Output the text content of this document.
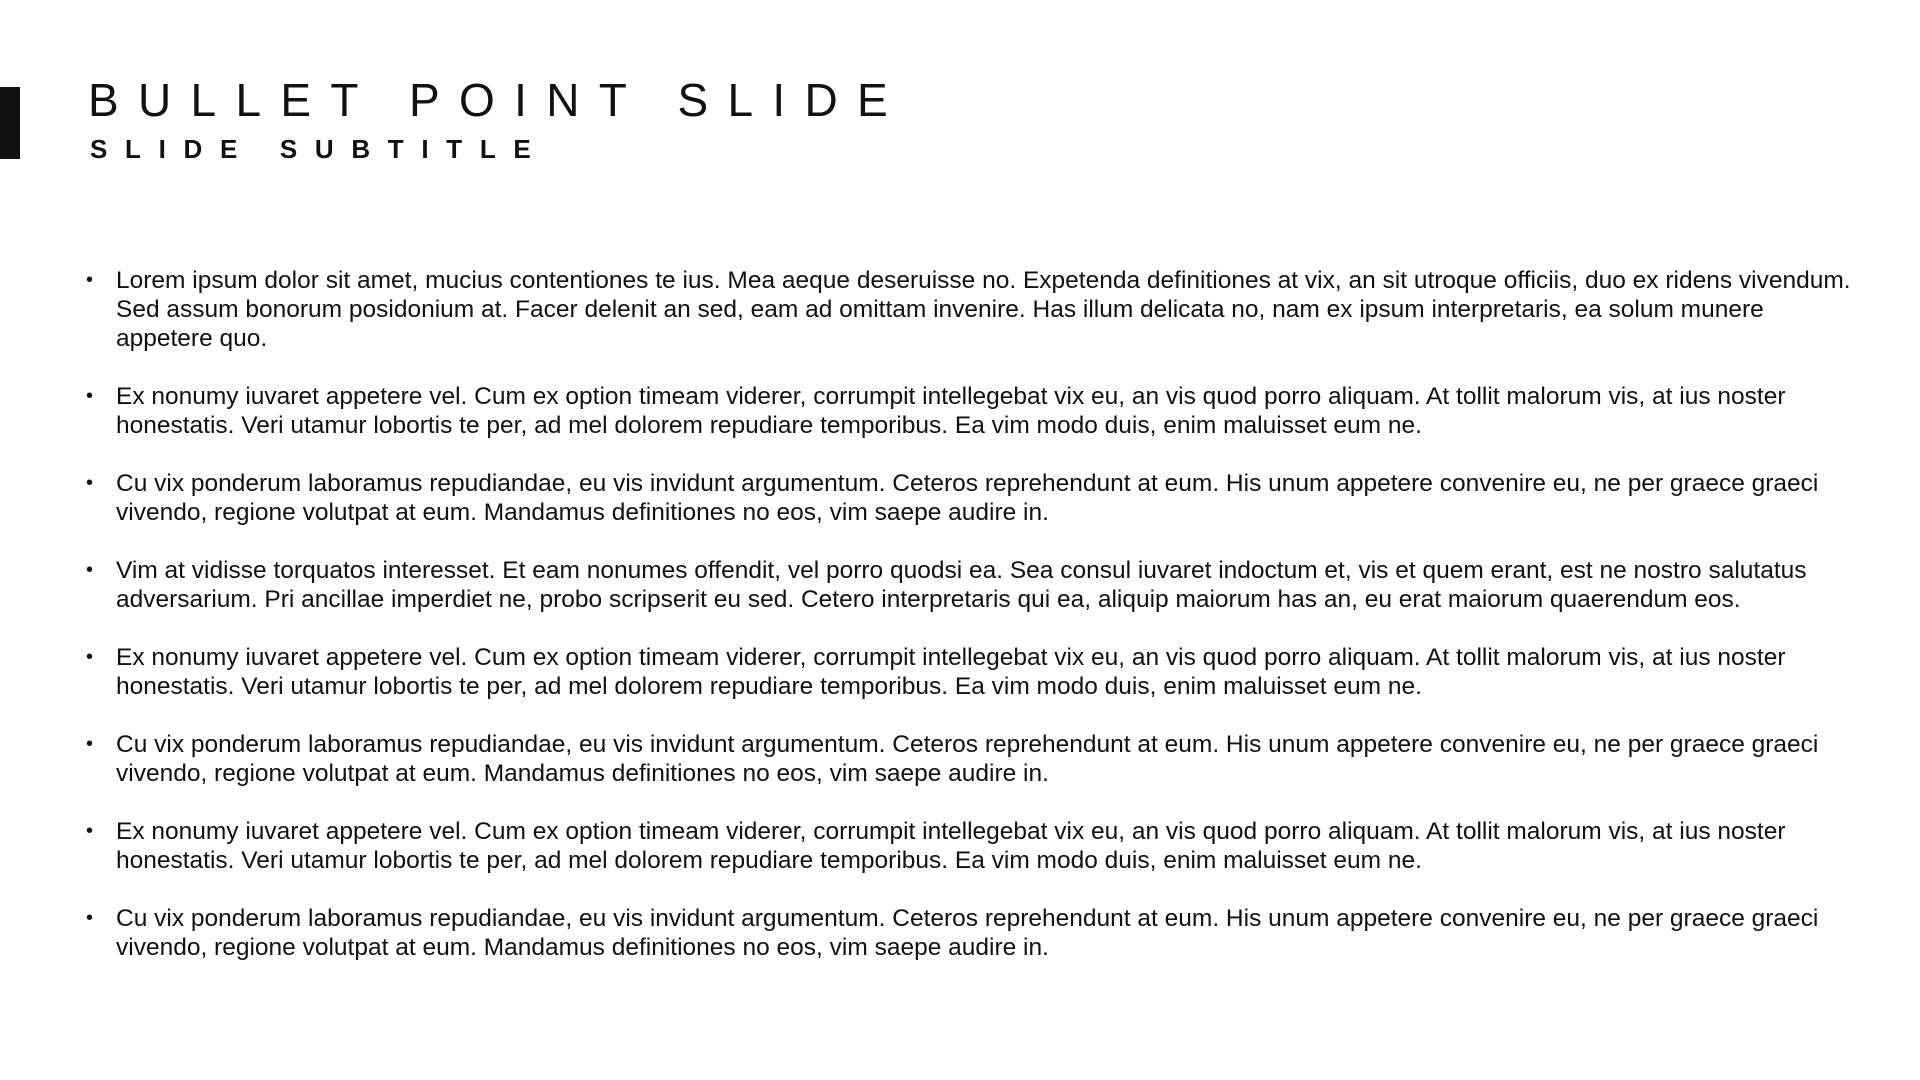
BULLET POINT SLIDE
SLIDE SUBTITLE
• Lorem ipsum dolor sit amet, mucius contentiones te ius. Mea aeque deseruisse no. Expetenda definitiones at vix, an sit utroque officiis, duo ex ridens vivendum. Sed assum bonorum posidonium at. Facer delenit an sed, eam ad omittam invenire. Has illum delicata no, nam ex ipsum interpretaris, ea solum munere appetere quo.
• Ex nonumy iuvaret appetere vel. Cum ex option timeam viderer, corrumpit intellegebat vix eu, an vis quod porro aliquam. At tollit malorum vis, at ius noster honestatis. Veri utamur lobortis te per, ad mel dolorem repudiare temporibus. Ea vim modo duis, enim maluisset eum ne.
• Cu vix ponderum laboramus repudiandae, eu vis invidunt argumentum. Ceteros reprehendunt at eum. His unum appetere convenire eu, ne per graece graeci vivendo, regione volutpat at eum. Mandamus definitiones no eos, vim saepe audire in.
• Vim at vidisse torquatos interesset. Et eam nonumes offendit, vel porro quodsi ea. Sea consul iuvaret indoctum et, vis et quem erant, est ne nostro salutatus adversarium. Pri ancillae imperdiet ne, probo scripserit eu sed. Cetero interpretaris qui ea, aliquip maiorum has an, eu erat maiorum quaerendum eos.
• Ex nonumy iuvaret appetere vel. Cum ex option timeam viderer, corrumpit intellegebat vix eu, an vis quod porro aliquam. At tollit malorum vis, at ius noster honestatis. Veri utamur lobortis te per, ad mel dolorem repudiare temporibus. Ea vim modo duis, enim maluisset eum ne.
• Cu vix ponderum laboramus repudiandae, eu vis invidunt argumentum. Ceteros reprehendunt at eum. His unum appetere convenire eu, ne per graece graeci vivendo, regione volutpat at eum. Mandamus definitiones no eos, vim saepe audire in.
• Ex nonumy iuvaret appetere vel. Cum ex option timeam viderer, corrumpit intellegebat vix eu, an vis quod porro aliquam. At tollit malorum vis, at ius noster honestatis. Veri utamur lobortis te per, ad mel dolorem repudiare temporibus. Ea vim modo duis, enim maluisset eum ne.
• Cu vix ponderum laboramus repudiandae, eu vis invidunt argumentum. Ceteros reprehendunt at eum. His unum appetere convenire eu, ne per graece graeci vivendo, regione volutpat at eum. Mandamus definitiones no eos, vim saepe audire in.
